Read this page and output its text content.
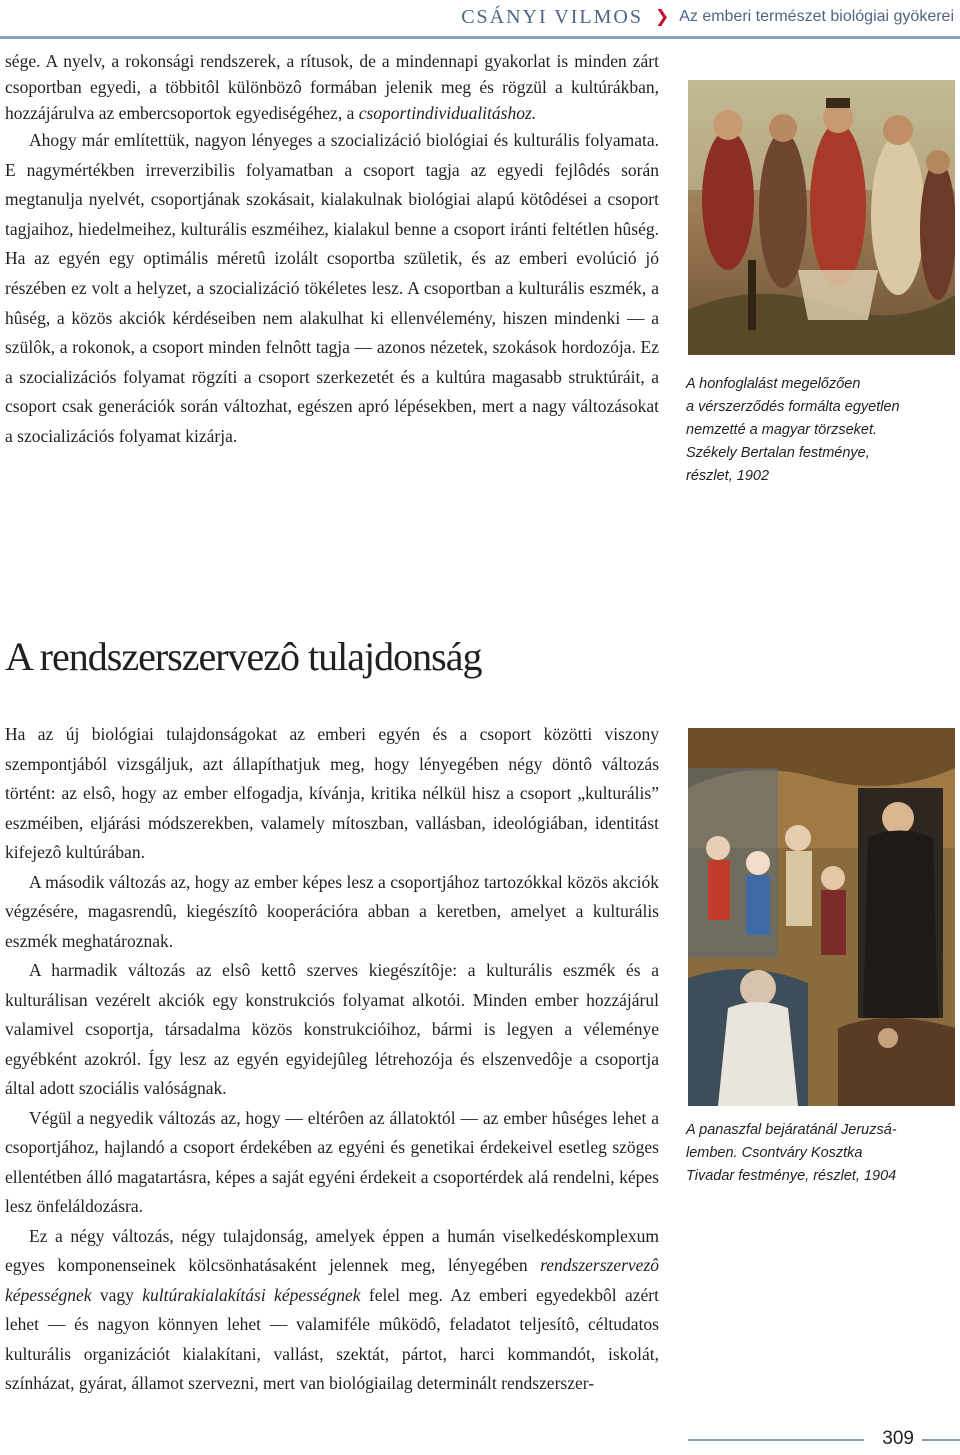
CSÁNYI VILMOS ❯ Az emberi természet biológiai gyökerei

sége. A nyelv, a rokonsági rendszerek, a rítusok, de a mindennapi gyakorlat is minden zárt csoportban egyedi, a többitôl különbözô formában jelenik meg és rögzül a kultúrákban, hozzájárulva az embercsoportok egyediségéhez, a csoportindividualitáshoz.

Ahogy már említettük, nagyon lényeges a szocializáció biológiai és kulturális folyamata. E nagymértékben irreverzibilis folyamatban a csoport tagja az egyedi fejlôdés során megtanulja nyelvét, csoportjának szokásait, kialakulnak biológiai alapú kötôdései a csoport tagjaihoz, hiedelmeihez, kulturális eszméihez, kialakul benne a csoport iránti feltétlen hûség. Ha az egyén egy optimális méretû izolált csoportba születik, és az emberi evolúció jó részében ez volt a helyzet, a szocializáció tökéletes lesz. A csoportban a kulturális eszmék, a hûség, a közös akciók kérdéseiben nem alakulhat ki ellenvélemény, hiszen mindenki — a szülôk, a rokonok, a csoport minden felnôtt tagja — azonos nézetek, szokások hordozója. Ez a szocializációs folyamat rögzíti a csoport szerkezetét és a kultúra magasabb struktúráit, a csoport csak generációk során változhat, egészen apró lépésekben, mert a nagy változásokat a szocializációs folyamat kizárja.

A honfoglalást megelőzően
a vérszerződés formálta egyetlen
nemzetté a magyar törzseket.
Székely Bertalan festménye,
részlet, 1902
A rendszerszervezô tulajdonság

Ha az új biológiai tulajdonságokat az emberi egyén és a csoport közötti viszony szempontjából vizsgáljuk, azt állapíthatjuk meg, hogy lényegében négy döntô változás történt: az elsô, hogy az ember elfogadja, kívánja, kritika nélkül hisz a csoport „kulturális” eszméiben, eljárási módszerekben, valamely mítoszban, vallásban, ideológiában, identitást kifejezô kultúrában.

A második változás az, hogy az ember képes lesz a csoportjához tartozókkal közös akciók végzésére, magasrendû, kiegészítô kooperációra abban a keretben, amelyet a kulturális eszmék meghatároznak.

A harmadik változás az elsô kettô szerves kiegészítôje: a kulturális eszmék és a kulturálisan vezérelt akciók egy konstrukciós folyamat alkotói. Minden ember hozzájárul valamivel csoportja, társadalma közös konstrukcióihoz, bármi is legyen a véleménye egyébként azokról. Így lesz az egyén egyidejûleg létrehozója és elszenvedôje a csoportja által adott szociális valóságnak.

Végül a negyedik változás az, hogy — eltérôen az állatoktól — az ember hûséges lehet a csoportjához, hajlandó a csoport érdekében az egyéni és genetikai érdekeivel esetleg szöges ellentétben álló magatartásra, képes a saját egyéni érdekeit a csoportérdek alá rendelni, képes lesz önfeláldozásra.

Ez a négy változás, négy tulajdonság, amelyek éppen a humán viselkedéskomplexum egyes komponenseinek kölcsönhatásaként jelennek meg, lényegében rendszerszervezô képességnek vagy kultúrakialakítási képességnek felel meg. Az emberi egyedekbôl azért lehet — és nagyon könnyen lehet — valamiféle mûködô, feladatot teljesítô, céltudatos kulturális organizációt kialakítani, vallást, szektát, pártot, harci kommandót, iskolát, színházat, gyárat, államot szervezni, mert van biológiailag determinált rendszerszer-

A panaszfal bejáratánál Jeruzsá-
lemben. Csontváry Kosztka
Tivadar festménye, részlet, 1904
309
